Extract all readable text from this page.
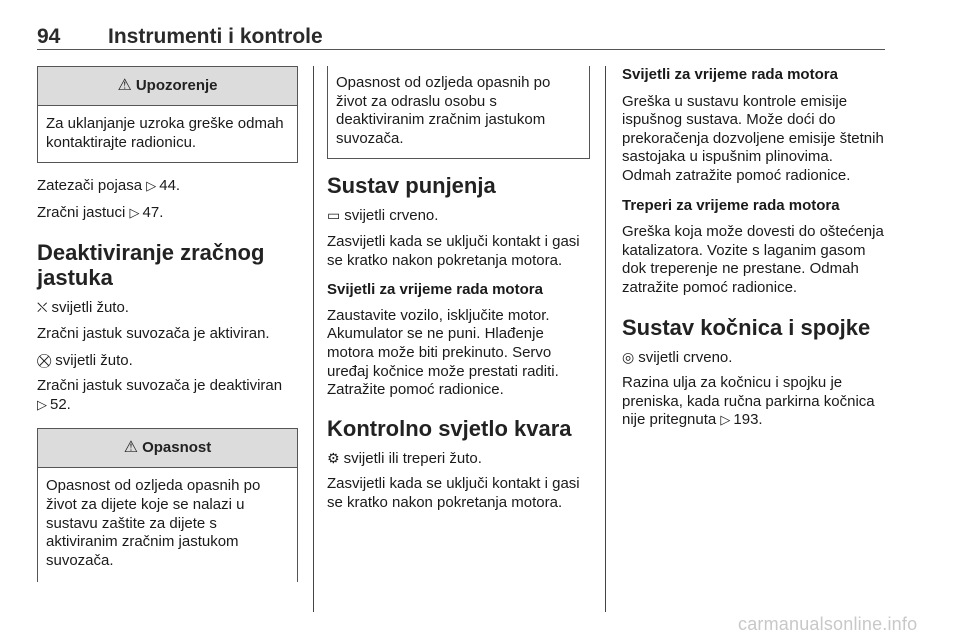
94 Instrumenti i kontrole
⚠ Upozorenje

Za uklanjanje uzroka greške odmah kontaktirajte radionicu.

Zatezači pojasa ▷ 44.

Zračni jastuci ▷ 47.

Deaktiviranje zračnog jastuka

⛌ svijetli žuto.

Zračni jastuk suvozača je aktiviran.

⛒ svijetli žuto.

Zračni jastuk suvozača je deaktiviran ▷ 52.

⚠ Opasnost

Opasnost od ozljeda opasnih po život za dijete koje se nalazi u sustavu zaštite za dijete s aktiviranim zračnim jastukom suvozača.

Opasnost od ozljeda opasnih po život za odraslu osobu s deaktiviranim zračnim jastukom suvozača.

Sustav punjenja

▭ svijetli crveno.

Zasvijetli kada se uključi kontakt i gasi se kratko nakon pokretanja motora.

Svijetli za vrijeme rada motora

Zaustavite vozilo, isključite motor. Akumulator se ne puni. Hlađenje motora može biti prekinuto. Servo uređaj kočnice može prestati raditi. Zatražite pomoć radionice.

Kontrolno svjetlo kvara

⚙ svijetli ili treperi žuto.

Zasvijetli kada se uključi kontakt i gasi se kratko nakon pokretanja motora.

Svijetli za vrijeme rada motora

Greška u sustavu kontrole emisije ispušnog sustava. Može doći do prekoračenja dozvoljene emisije štetnih sastojaka u ispušnim plinovima. Odmah zatražite pomoć radionice.

Treperi za vrijeme rada motora

Greška koja može dovesti do oštećenja katalizatora. Vozite s laganim gasom dok treperenje ne prestane. Odmah zatražite pomoć radionice.

Sustav kočnica i spojke

◎ svijetli crveno.

Razina ulja za kočnicu i spojku je preniska, kada ručna parkirna kočnica nije pritegnuta ▷ 193.

carmanualsonline.info
